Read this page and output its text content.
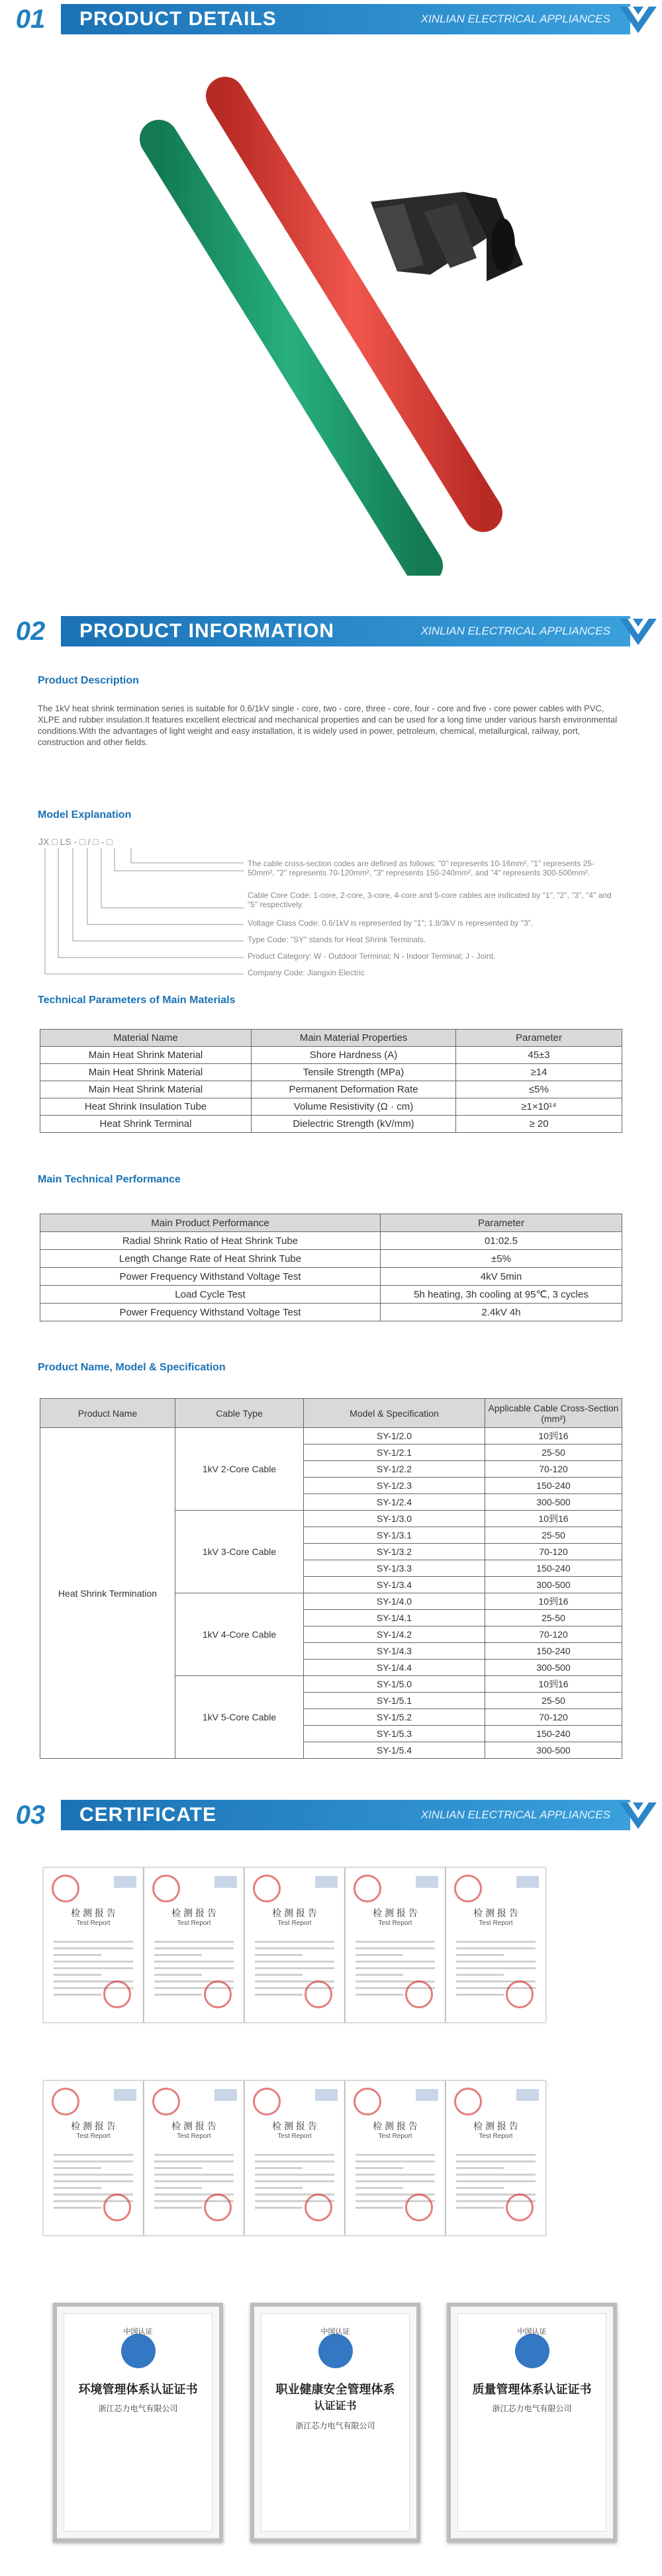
01	PRODUCT DETAILS	XINLIAN ELECTRICAL APPLIANCES
02	PRODUCT INFORMATION	XINLIAN ELECTRICAL APPLIANCES
Product Description
The 1kV heat shrink termination series is suitable for 0.6/1kV single - core, two - core, three - core, four - core and five - core power cables with PVC, XLPE and rubber insulation.It features excellent electrical and mechanical properties and can be used for a long time under various harsh environmental conditions.With the advantages of light weight and easy installation, it is widely used in power, petroleum, chemical, metallurgical, railway, port, construction and other fields.
Model Explanation
JX □ LS - □ / □ - □
The cable cross-section codes are defined as follows: "0" represents 10-16mm², "1" represents 25-50mm², "2" represents 70-120mm², "3" represents 150-240mm², and "4" represents 300-500mm².
Cable Core Code: 1-core, 2-core, 3-core, 4-core and 5-core cables are indicated by "1", "2", "3", "4" and "5" respectively.
Voltage Class Code: 0.6/1kV is represented by "1"; 1.8/3kV is represented by "3".
Type Code: "SY" stands for Heat Shrink Terminals.
Product Category: W - Outdoor Terminal; N - Indoor Terminal; J - Joint.
Company Code: Jiangxin Electric
Technical Parameters of Main Materials
Material Name	Main Material Properties	Parameter
Main Heat Shrink Material	Shore Hardness (A)	45±3
Main Heat Shrink Material	Tensile Strength (MPa)	≥14
Main Heat Shrink Material	Permanent Deformation Rate	≤5%
Heat Shrink Insulation Tube	Volume Resistivity (Ω · cm)	≥1×10¹⁴
Heat Shrink Terminal	Dielectric Strength (kV/mm)	≥ 20
Main Technical Performance
Main Product Performance	Parameter
Radial Shrink Ratio of Heat Shrink Tube	01:02.5
Length Change Rate of Heat Shrink Tube	±5%
Power Frequency Withstand Voltage Test	4kV 5min
Load Cycle Test	5h heating, 3h cooling at 95℃, 3 cycles
Power Frequency Withstand Voltage Test	2.4kV 4h
Product Name, Model & Specification
Product Name	Cable Type	Model & Specification	Applicable Cable Cross-Section (mm²)
Heat Shrink Termination	1kV 2-Core Cable	SY-1/2.0	10到16
		SY-1/2.1	25-50
		SY-1/2.2	70-120
		SY-1/2.3	150-240
		SY-1/2.4	300-500
	1kV 3-Core Cable	SY-1/3.0	10到16
		SY-1/3.1	25-50
		SY-1/3.2	70-120
		SY-1/3.3	150-240
		SY-1/3.4	300-500
	1kV 4-Core Cable	SY-1/4.0	10到16
		SY-1/4.1	25-50
		SY-1/4.2	70-120
		SY-1/4.3	150-240
		SY-1/4.4	300-500
	1kV 5-Core Cable	SY-1/5.0	10到16
		SY-1/5.1	25-50
		SY-1/5.2	70-120
		SY-1/5.3	150-240
		SY-1/5.4	300-500
03	CERTIFICATE	XINLIAN ELECTRICAL APPLIANCES
检 测 报 告
Test Report
检 测 报 告
Test Report
检 测 报 告
Test Report
检 测 报 告
Test Report
检 测 报 告
Test Report
检 测 报 告
Test Report
检 测 报 告
Test Report
检 测 报 告
Test Report
检 测 报 告
Test Report
检 测 报 告
Test Report
中国认证
环境管理体系认证证书
浙江芯力电气有限公司
中国认证
职业健康安全管理体系
认证证书
浙江芯力电气有限公司
中国认证
质量管理体系认证证书
浙江芯力电气有限公司
